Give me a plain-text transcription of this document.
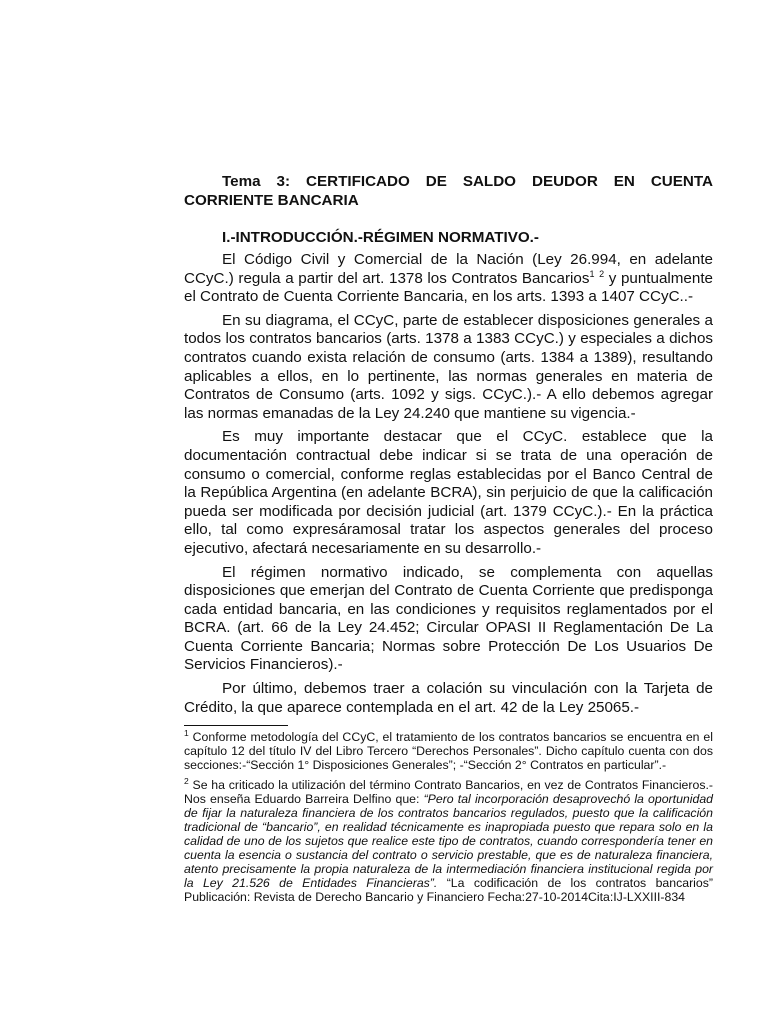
Tema 3: CERTIFICADO DE SALDO DEUDOR EN CUENTA CORRIENTE BANCARIA

I.-INTRODUCCIÓN.-RÉGIMEN NORMATIVO.-

El Código Civil y Comercial de la Nación (Ley 26.994, en adelante CCyC.) regula a partir del art. 1378 los Contratos Bancarios$^1$ $^2$ y puntualmente el Contrato de Cuenta Corriente Bancaria, en los arts. 1393 a 1407 CCyC..-

En su diagrama, el CCyC, parte de establecer disposiciones generales a todos los contratos bancarios (arts. 1378 a 1383 CCyC.) y especiales a dichos contratos cuando exista relación de consumo (arts. 1384 a 1389), resultando aplicables a ellos, en lo pertinente, las normas generales en materia de Contratos de Consumo (arts. 1092 y sigs. CCyC.).- A ello debemos agregar las normas emanadas de la Ley 24.240 que mantiene su vigencia.-

Es muy importante destacar que el CCyC. establece que la documentación contractual debe indicar si se trata de una operación de consumo o comercial, conforme reglas establecidas por el Banco Central de la República Argentina (en adelante BCRA), sin perjuicio de que la calificación pueda ser modificada por decisión judicial (art. 1379 CCyC.).- En la práctica ello, tal como expresáramosal tratar los aspectos generales del proceso ejecutivo, afectará necesariamente en su desarrollo.-

El régimen normativo indicado, se complementa con aquellas disposiciones que emerjan del Contrato de Cuenta Corriente que predisponga cada entidad bancaria, en las condiciones y requisitos reglamentados por el BCRA. (art. 66 de la Ley 24.452; Circular OPASI II Reglamentación De La Cuenta Corriente Bancaria; Normas sobre Protección De Los Usuarios De Servicios Financieros).-

Por último, debemos traer a colación su vinculación con la Tarjeta de Crédito, la que aparece contemplada en el art. 42 de la Ley 25065.-

$^1$ Conforme metodología del CCyC, el tratamiento de los contratos bancarios se encuentra en el capítulo 12 del título IV del Libro Tercero “Derechos Personales”. Dicho capítulo cuenta con dos secciones:-“Sección 1° Disposiciones Generales”; -“Sección 2° Contratos en particular”.-

$^2$ Se ha criticado la utilización del término Contrato Bancarios, en vez de Contratos Financieros.- Nos enseña Eduardo Barreira Delfino que: “Pero tal incorporación desaprovechó la oportunidad de fijar la naturaleza financiera de los contratos bancarios regulados, puesto que la calificación tradicional de “bancario”, en realidad técnicamente es inapropiada puesto que repara solo en la calidad de uno de los sujetos que realice este tipo de contratos, cuando correspondería tener en cuenta la esencia o sustancia del contrato o servicio prestable, que es de naturaleza financiera, atento precisamente la propia naturaleza de la intermediación financiera institucional regida por la Ley 21.526 de Entidades Financieras”. “La codificación de los contratos bancarios” Publicación: Revista de Derecho Bancario y Financiero Fecha:27-10-2014Cita:IJ-LXXIII-834
